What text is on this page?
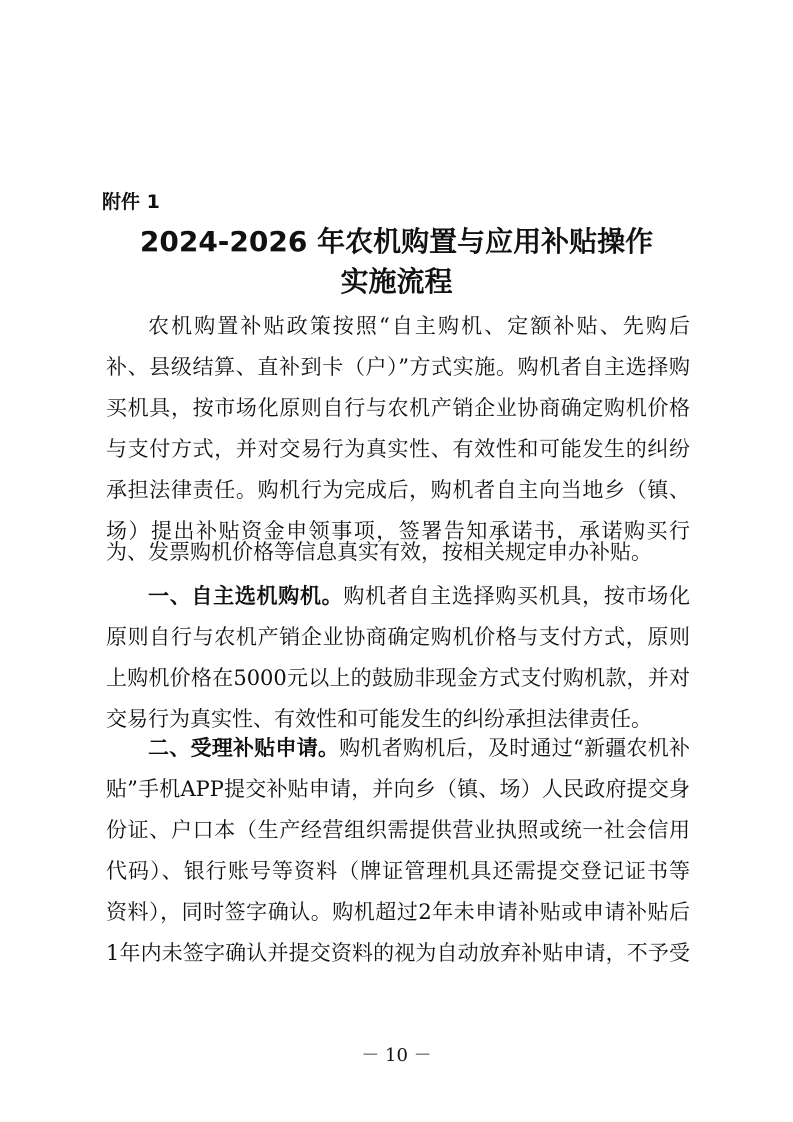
附件 1
2024-2026 年农机购置与应用补贴操作
实施流程
农机购置补贴政策按照“自主购机、定额补贴、先购后
补、县级结算、直补到卡（户）”方式实施。购机者自主选择购
买机具，按市场化原则自行与农机产销企业协商确定购机价格
与支付方式，并对交易行为真实性、有效性和可能发生的纠纷
承担法律责任。购机行为完成后，购机者自主向当地乡（镇、
场）提出补贴资金申领事项，签署告知承诺书，承诺购买行
为、发票购机价格等信息真实有效，按相关规定申办补贴。
一、自主选机购机。购机者自主选择购买机具，按市场化
原则自行与农机产销企业协商确定购机价格与支付方式，原则
上购机价格在5000元以上的鼓励非现金方式支付购机款，并对
交易行为真实性、有效性和可能发生的纠纷承担法律责任。
二、受理补贴申请。购机者购机后，及时通过“新疆农机补
贴”手机APP提交补贴申请，并向乡（镇、场）人民政府提交身
份证、户口本（生产经营组织需提供营业执照或统一社会信用
代码）、银行账号等资料（牌证管理机具还需提交登记证书等
资料），同时签字确认。购机超过2年未申请补贴或申请补贴后
1年内未签字确认并提交资料的视为自动放弃补贴申请，不予受
－ 10 －
